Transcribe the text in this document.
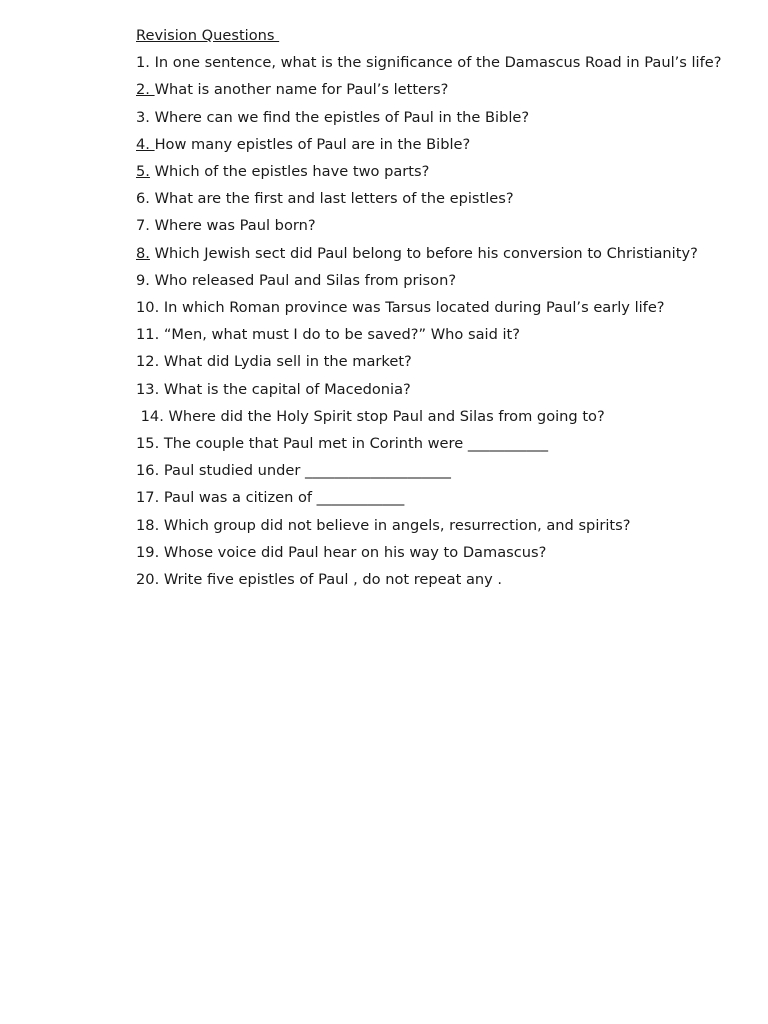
Revision Questions
1. In one sentence, what is the significance of the Damascus Road in Paul’s life?
2. What is another name for Paul’s letters?
3. Where can we find the epistles of Paul in the Bible?
4. How many epistles of Paul are in the Bible?
5. Which of the epistles have two parts?
6. What are the first and last letters of the epistles?
7. Where was Paul born?
8. Which Jewish sect did Paul belong to before his conversion to Christianity?
9. Who released Paul and Silas from prison?
10. In which Roman province was Tarsus located during Paul’s early life?
11. “Men, what must I do to be saved?” Who said it?
12. What did Lydia sell in the market?
13. What is the capital of Macedonia?
14. Where did the Holy Spirit stop Paul and Silas from going to?
15. The couple that Paul met in Corinth were ___________
16. Paul studied under ____________________
17. Paul was a citizen of ____________
18. Which group did not believe in angels, resurrection, and spirits?
19. Whose voice did Paul hear on his way to Damascus?
20. Write five epistles of Paul , do not repeat any .
